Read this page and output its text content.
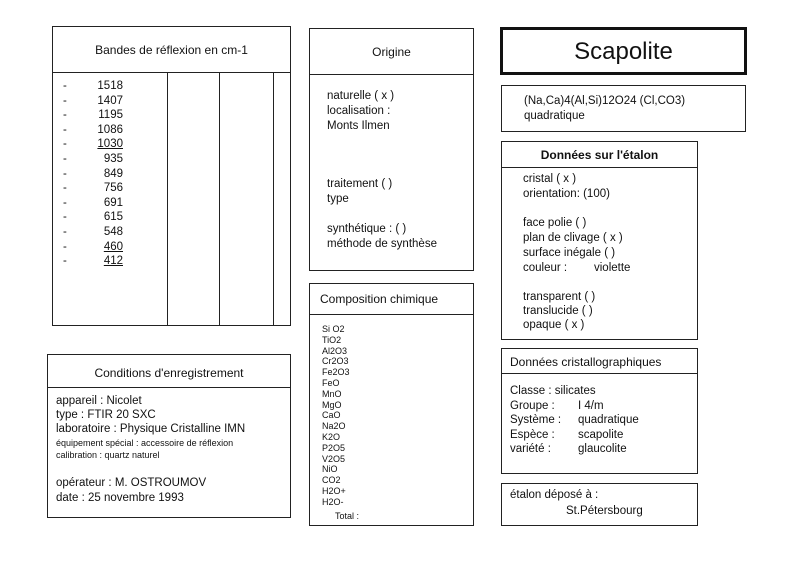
Bandes de réflexion en cm-1
-	1518
-	1407
-	1195
-	1086
-	1030
-	935
-	849
-	756
-	691
-	615
-	548
-	460
-	412
Origine
naturelle ( x )
localisation :
Monts Ilmen
traitement ( )
type
synthétique : ( )
méthode de synthèse
Scapolite
(Na,Ca)4(Al,Si)12O24 (Cl,CO3)
quadratique
Données sur l'étalon
cristal ( x )
orientation: (100)
face polie ( )
plan de clivage ( x )
surface inégale ( )
couleur : violette
transparent ( )
translucide ( )
opaque ( x )
Conditions d'enregistrement
appareil : Nicolet
type : FTIR 20 SXC
laboratoire : Physique Cristalline IMN
équipement spécial : accessoire de réflexion
calibration : quartz naturel
opérateur : M. OSTROUMOV
date : 25 novembre 1993
Composition chimique
Si O2
TiO2
Al2O3
Cr2O3
Fe2O3
FeO
MnO
MgO
CaO
Na2O
K2O
P2O5
V2O5
NiO
CO2
H2O+
H2O-
Total :
Données cristallographiques
Classe : silicates
Groupe : I 4/m
Système : quadratique
Espèce : scapolite
variété : glaucolite
étalon déposé à :
St.Pétersbourg
